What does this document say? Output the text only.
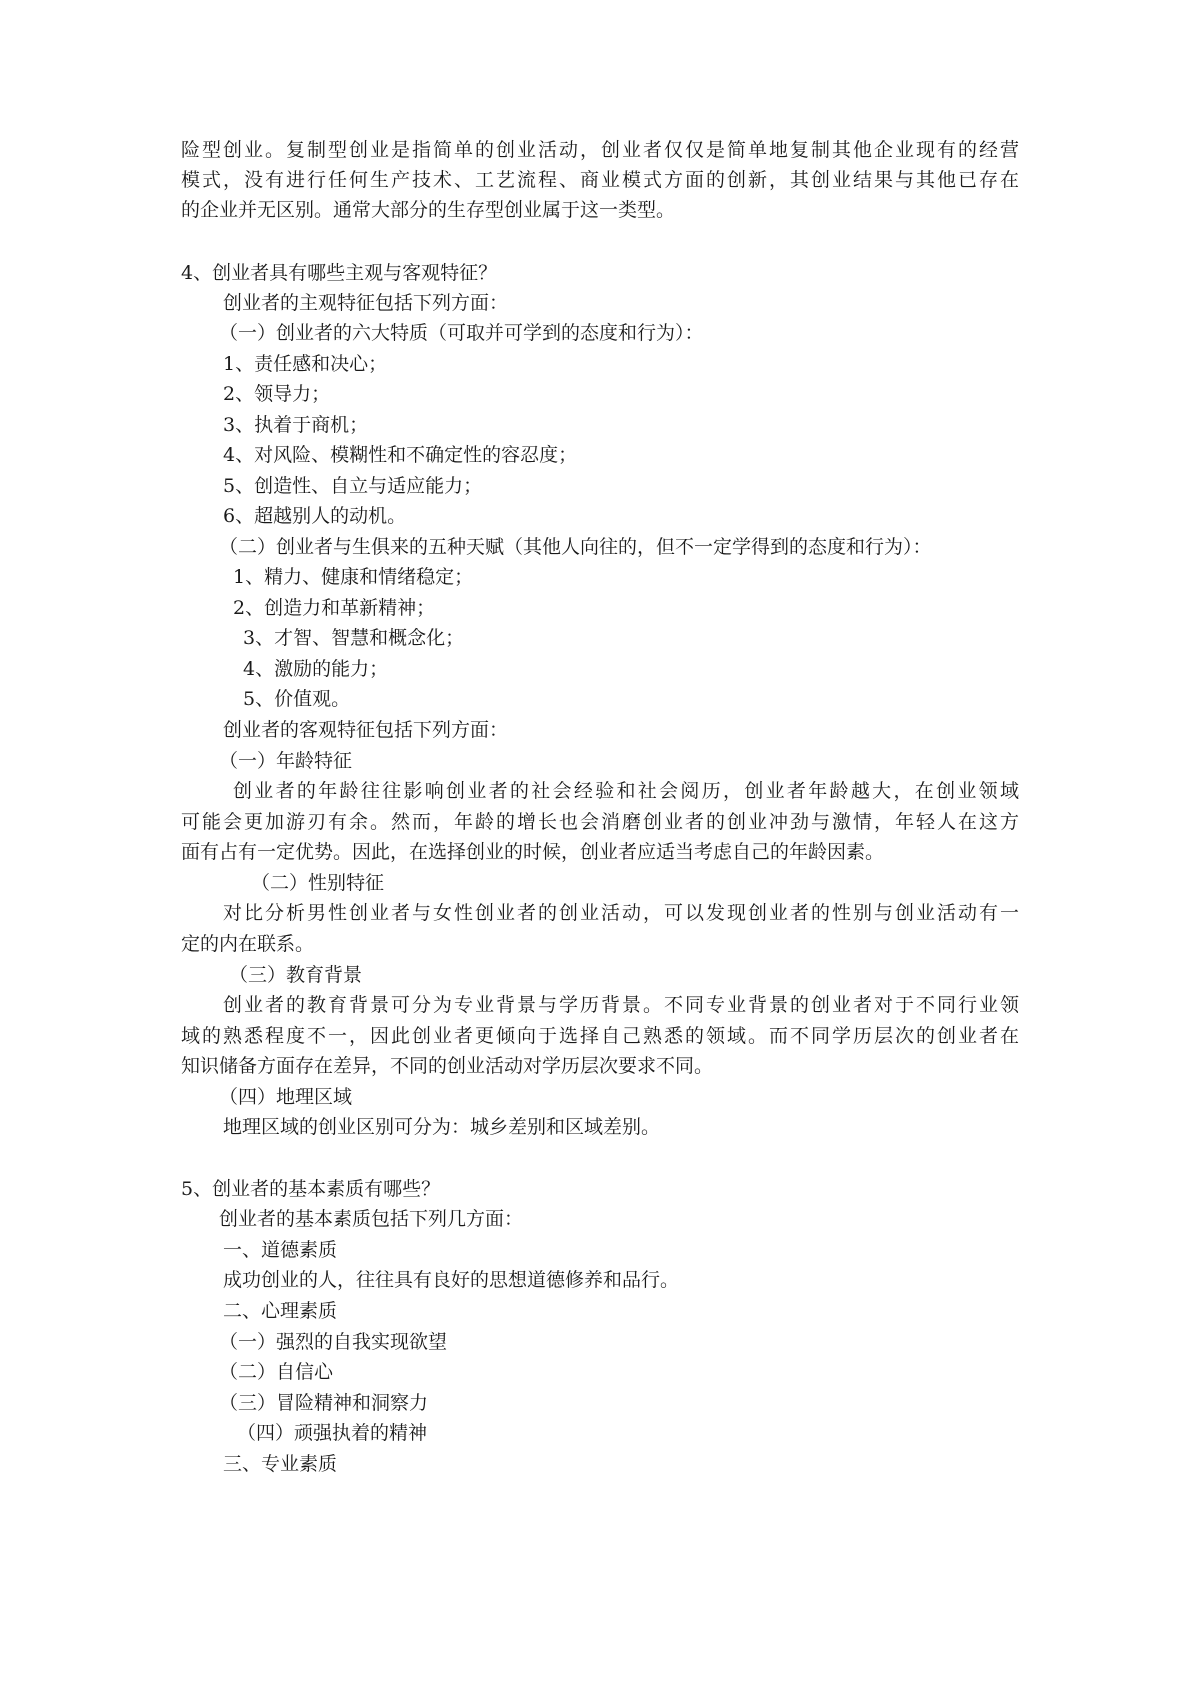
险型创业。复制型创业是指简单的创业活动，创业者仅仅是简单地复制其他企业现有的经营
模式，没有进行任何生产技术、工艺流程、商业模式方面的创新，其创业结果与其他已存在
的企业并无区别。通常大部分的生存型创业属于这一类型。
4、创业者具有哪些主观与客观特征？
创业者的主观特征包括下列方面：
（一）创业者的六大特质（可取并可学到的态度和行为）：
1、责任感和决心；
2、领导力；
3、执着于商机；
4、对风险、模糊性和不确定性的容忍度；
5、创造性、自立与适应能力；
6、超越别人的动机。
（二）创业者与生俱来的五种天赋（其他人向往的，但不一定学得到的态度和行为）：
1、精力、健康和情绪稳定；
2、创造力和革新精神；
3、才智、智慧和概念化；
4、激励的能力；
5、价值观。
创业者的客观特征包括下列方面：
（一）年龄特征
创业者的年龄往往影响创业者的社会经验和社会阅历，创业者年龄越大，在创业领域
可能会更加游刃有余。然而，年龄的增长也会消磨创业者的创业冲劲与激情，年轻人在这方
面有占有一定优势。因此，在选择创业的时候，创业者应适当考虑自己的年龄因素。
（二）性别特征
对比分析男性创业者与女性创业者的创业活动，可以发现创业者的性别与创业活动有一
定的内在联系。
（三）教育背景
创业者的教育背景可分为专业背景与学历背景。不同专业背景的创业者对于不同行业领
域的熟悉程度不一，因此创业者更倾向于选择自己熟悉的领域。而不同学历层次的创业者在
知识储备方面存在差异，不同的创业活动对学历层次要求不同。
（四）地理区域
地理区域的创业区别可分为：城乡差别和区域差别。
5、创业者的基本素质有哪些？
创业者的基本素质包括下列几方面：
一、道德素质
成功创业的人，往往具有良好的思想道德修养和品行。
二、心理素质
（一）强烈的自我实现欲望
（二）自信心
（三）冒险精神和洞察力
（四）顽强执着的精神
三、专业素质
